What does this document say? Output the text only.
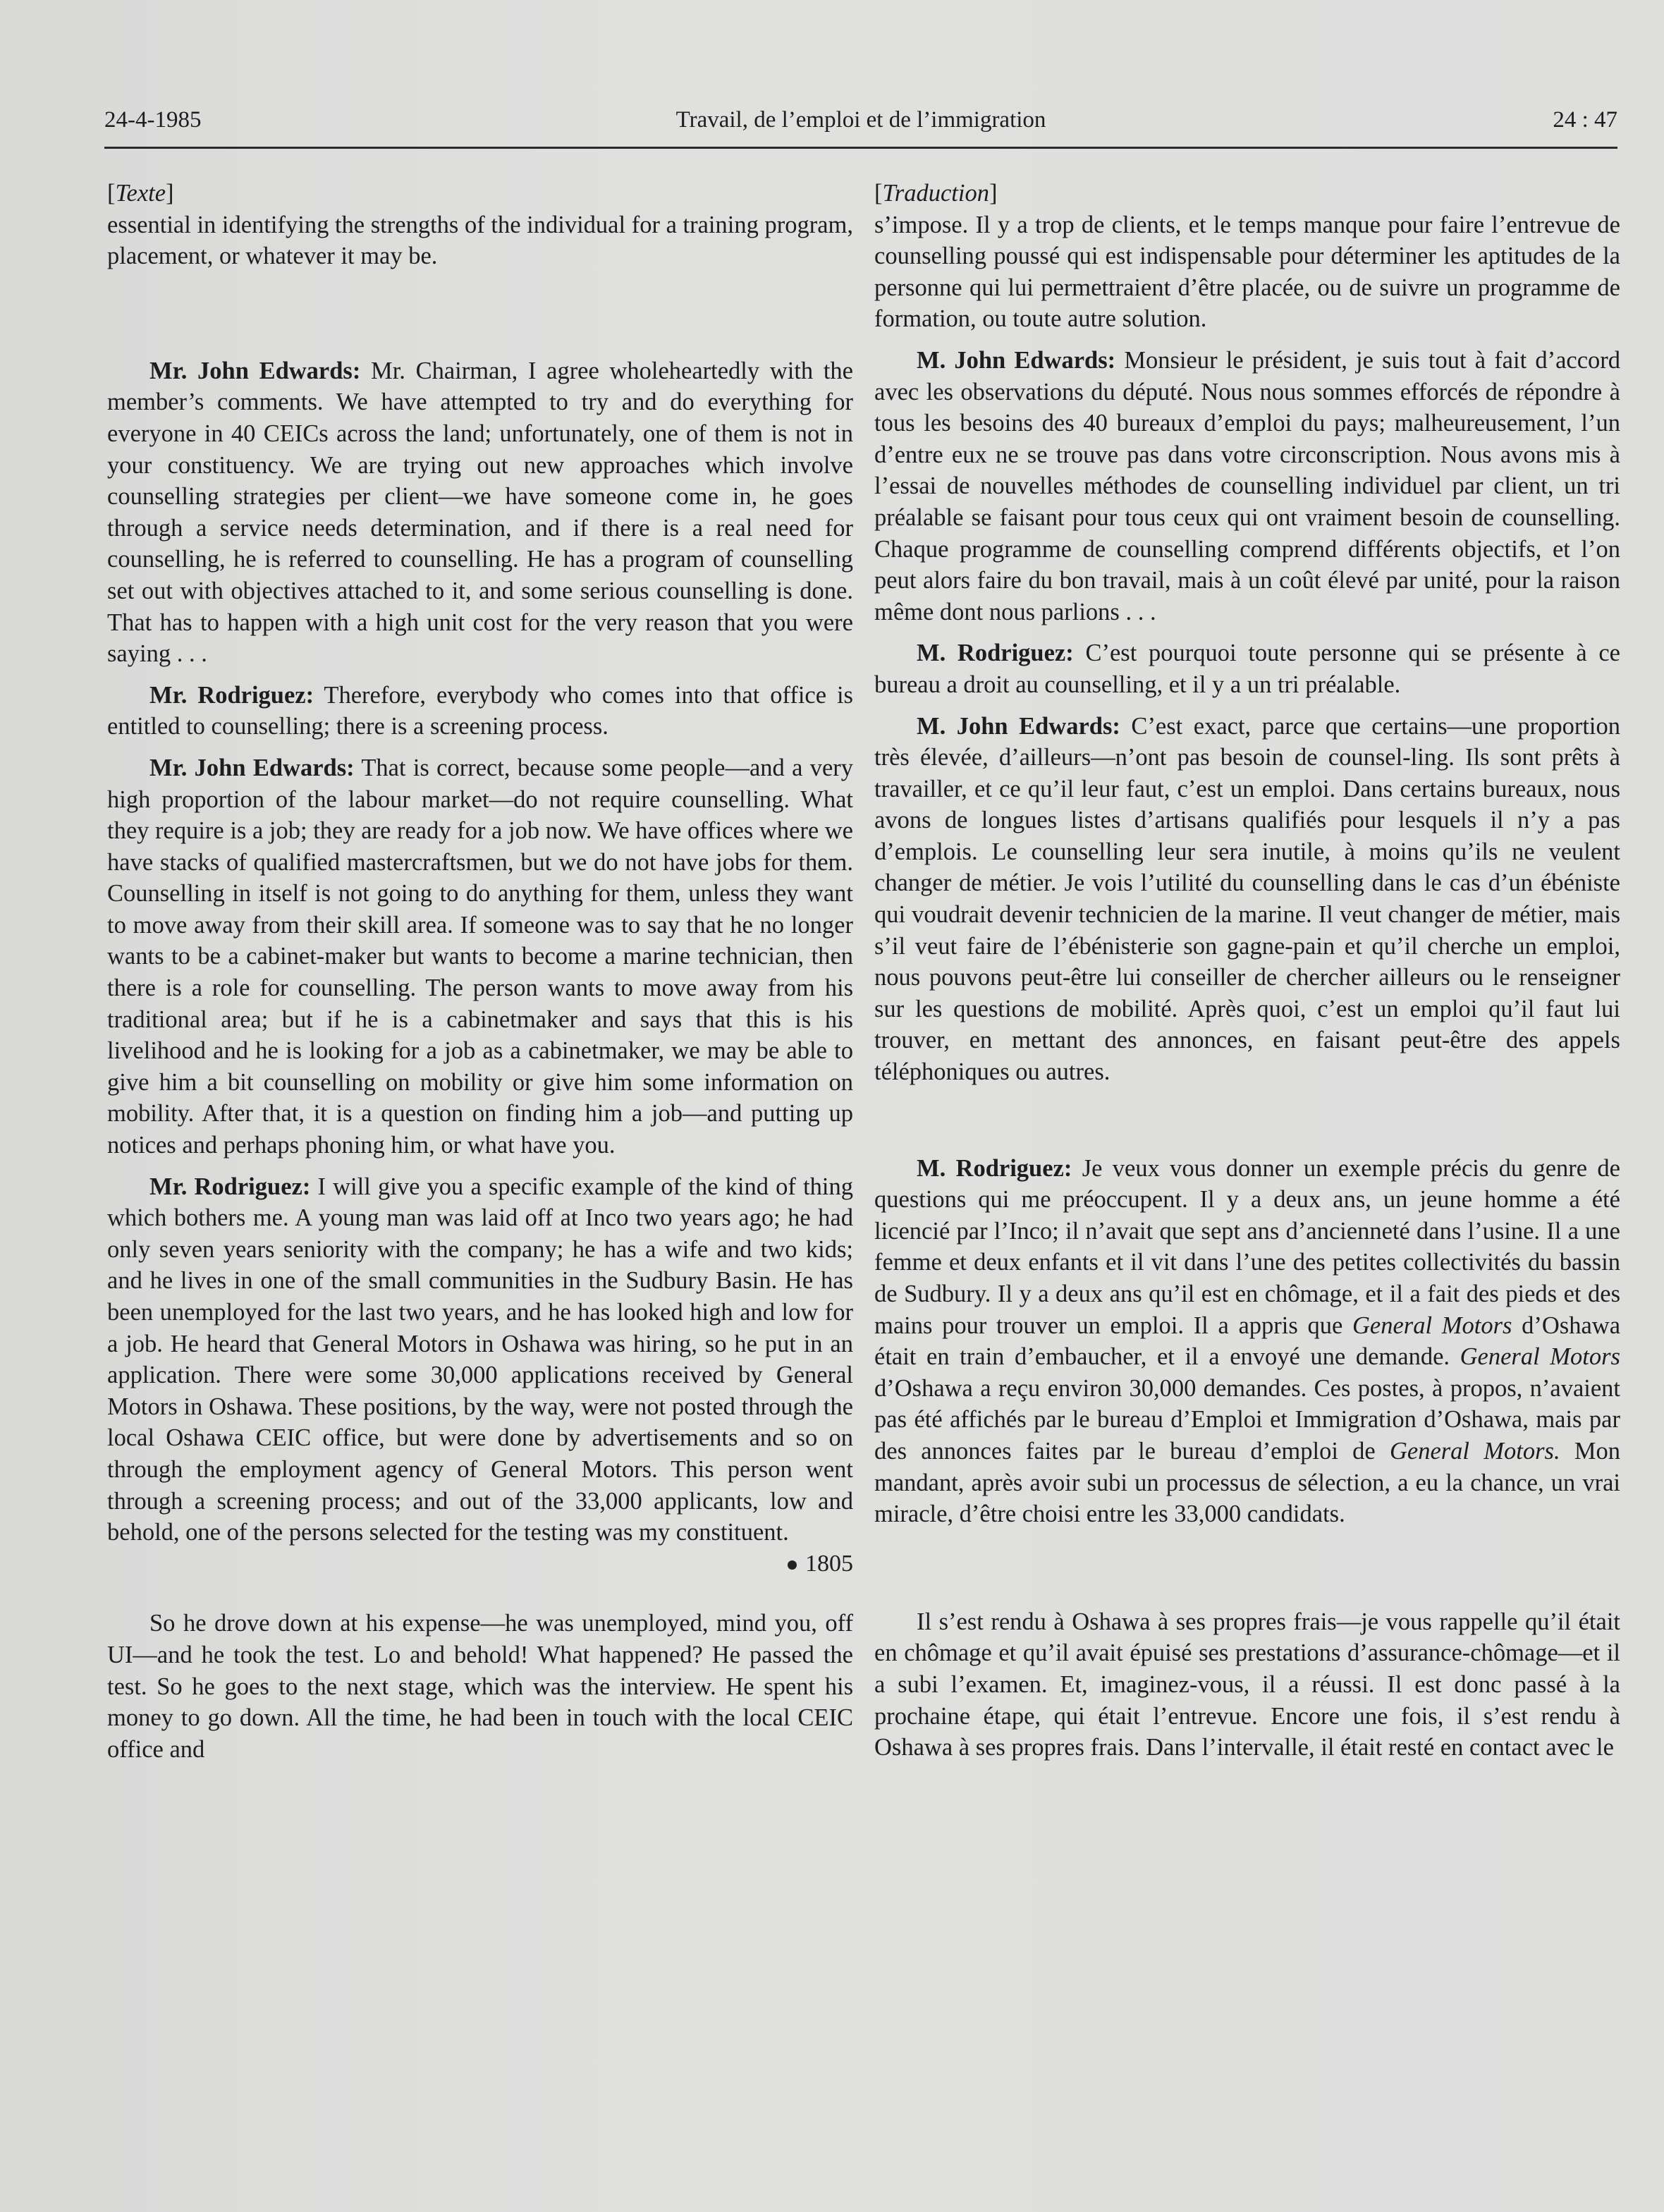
24-4-1985	Travail, de l’emploi et de l’immigration	24 : 47

[Texte]

essential in identifying the strengths of the individual for a training program, placement, or whatever it may be.

Mr. John Edwards: Mr. Chairman, I agree wholeheartedly with the member’s comments. We have attempted to try and do everything for everyone in 40 CEICs across the land; unfortunately, one of them is not in your constituency. We are trying out new approaches which involve counselling strategies per client—we have someone come in, he goes through a service needs determination, and if there is a real need for counselling, he is referred to counselling. He has a program of counselling set out with objectives attached to it, and some serious counselling is done. That has to happen with a high unit cost for the very reason that you were saying . . .

Mr. Rodriguez: Therefore, everybody who comes into that office is entitled to counselling; there is a screening process.

Mr. John Edwards: That is correct, because some people—and a very high proportion of the labour market—do not require counselling. What they require is a job; they are ready for a job now. We have offices where we have stacks of qualified mastercraftsmen, but we do not have jobs for them. Counselling in itself is not going to do anything for them, unless they want to move away from their skill area. If someone was to say that he no longer wants to be a cabinet-maker but wants to become a marine technician, then there is a role for counselling. The person wants to move away from his traditional area; but if he is a cabinetmaker and says that this is his livelihood and he is looking for a job as a cabinetmaker, we may be able to give him a bit counselling on mobility or give him some information on mobility. After that, it is a question on finding him a job—and putting up notices and perhaps phoning him, or what have you.

Mr. Rodriguez: I will give you a specific example of the kind of thing which bothers me. A young man was laid off at Inco two years ago; he had only seven years seniority with the company; he has a wife and two kids; and he lives in one of the small communities in the Sudbury Basin. He has been unemployed for the last two years, and he has looked high and low for a job. He heard that General Motors in Oshawa was hiring, so he put in an application. There were some 30,000 applications received by General Motors in Oshawa. These positions, by the way, were not posted through the local Oshawa CEIC office, but were done by advertisements and so on through the employment agency of General Motors. This person went through a screening process; and out of the 33,000 applicants, low and behold, one of the persons selected for the testing was my constituent.

1805

So he drove down at his expense—he was unemployed, mind you, off UI—and he took the test. Lo and behold! What happened? He passed the test. So he goes to the next stage, which was the interview. He spent his money to go down. All the time, he had been in touch with the local CEIC office and

[Traduction]

s’impose. Il y a trop de clients, et le temps manque pour faire l’entrevue de counselling poussé qui est indispensable pour déterminer les aptitudes de la personne qui lui permettraient d’être placée, ou de suivre un programme de formation, ou toute autre solution.

M. John Edwards: Monsieur le président, je suis tout à fait d’accord avec les observations du député. Nous nous sommes efforcés de répondre à tous les besoins des 40 bureaux d’emploi du pays; malheureusement, l’un d’entre eux ne se trouve pas dans votre circonscription. Nous avons mis à l’essai de nouvelles méthodes de counselling individuel par client, un tri préalable se faisant pour tous ceux qui ont vraiment besoin de counselling. Chaque programme de counselling comprend différents objectifs, et l’on peut alors faire du bon travail, mais à un coût élevé par unité, pour la raison même dont nous parlions . . .

M. Rodriguez: C’est pourquoi toute personne qui se présente à ce bureau a droit au counselling, et il y a un tri préalable.

M. John Edwards: C’est exact, parce que certains—une proportion très élevée, d’ailleurs—n’ont pas besoin de counsel-ling. Ils sont prêts à travailler, et ce qu’il leur faut, c’est un emploi. Dans certains bureaux, nous avons de longues listes d’artisans qualifiés pour lesquels il n’y a pas d’emplois. Le counselling leur sera inutile, à moins qu’ils ne veulent changer de métier. Je vois l’utilité du counselling dans le cas d’un ébéniste qui voudrait devenir technicien de la marine. Il veut changer de métier, mais s’il veut faire de l’ébénisterie son gagne-pain et qu’il cherche un emploi, nous pouvons peut-être lui conseiller de chercher ailleurs ou le renseigner sur les questions de mobilité. Après quoi, c’est un emploi qu’il faut lui trouver, en mettant des annonces, en faisant peut-être des appels téléphoniques ou autres.

M. Rodriguez: Je veux vous donner un exemple précis du genre de questions qui me préoccupent. Il y a deux ans, un jeune homme a été licencié par l’Inco; il n’avait que sept ans d’ancienneté dans l’usine. Il a une femme et deux enfants et il vit dans l’une des petites collectivités du bassin de Sudbury. Il y a deux ans qu’il est en chômage, et il a fait des pieds et des mains pour trouver un emploi. Il a appris que General Motors d’Oshawa était en train d’embaucher, et il a envoyé une demande. General Motors d’Oshawa a reçu environ 30,000 demandes. Ces postes, à propos, n’avaient pas été affichés par le bureau d’Emploi et Immigration d’Oshawa, mais par des annonces faites par le bureau d’emploi de General Motors. Mon mandant, après avoir subi un processus de sélection, a eu la chance, un vrai miracle, d’être choisi entre les 33,000 candidats.

Il s’est rendu à Oshawa à ses propres frais—je vous rappelle qu’il était en chômage et qu’il avait épuisé ses prestations d’assurance-chômage—et il a subi l’examen. Et, imaginez-vous, il a réussi. Il est donc passé à la prochaine étape, qui était l’entrevue. Encore une fois, il s’est rendu à Oshawa à ses propres frais. Dans l’intervalle, il était resté en contact avec le
